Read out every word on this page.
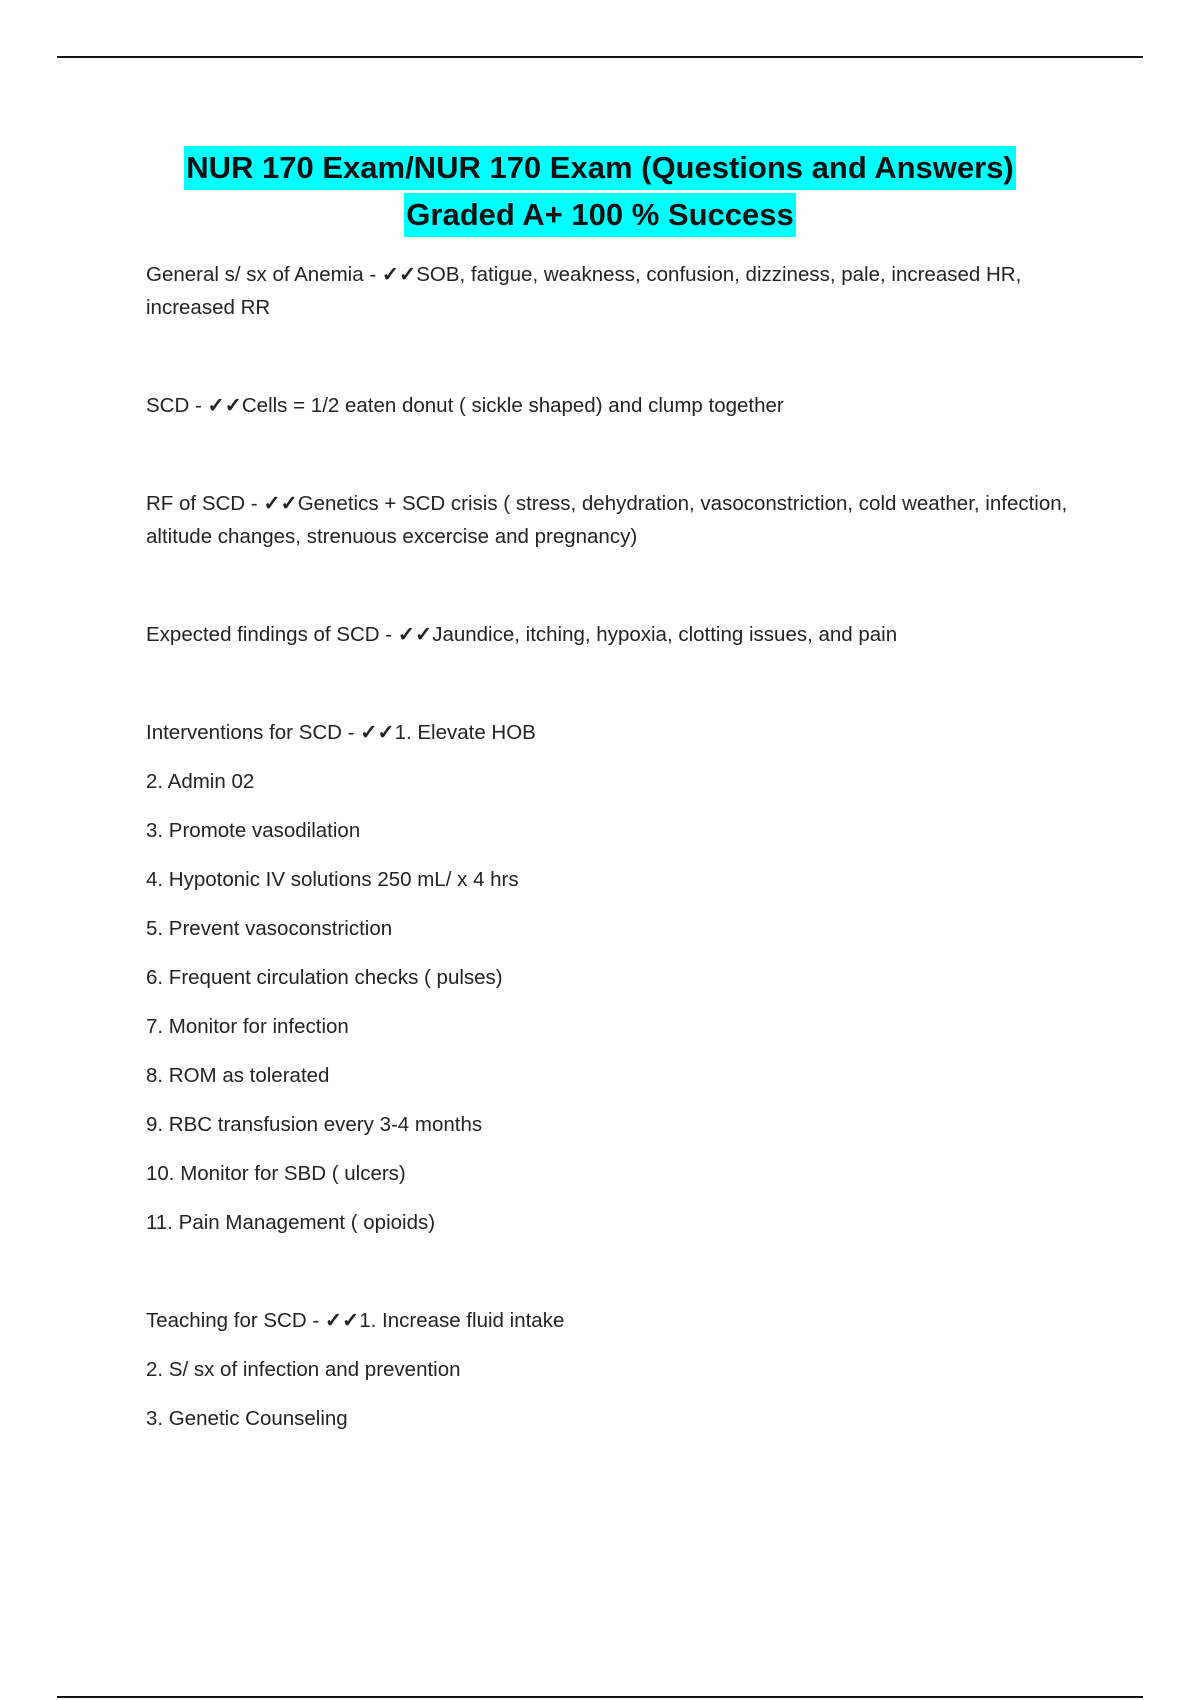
NUR 170 Exam/NUR 170 Exam (Questions and Answers)
Graded A+ 100 % Success

General s/ sx of Anemia - ✓✓SOB, fatigue, weakness, confusion, dizziness, pale, increased HR, increased RR

SCD - ✓✓Cells = 1/2 eaten donut ( sickle shaped) and clump together

RF of SCD - ✓✓Genetics + SCD crisis ( stress, dehydration, vasoconstriction, cold weather, infection, altitude changes, strenuous excercise and pregnancy)

Expected findings of SCD - ✓✓Jaundice, itching, hypoxia, clotting issues, and pain

Interventions for SCD - ✓✓1. Elevate HOB

2. Admin 02

3. Promote vasodilation

4. Hypotonic IV solutions 250 mL/ x 4 hrs

5. Prevent vasoconstriction

6. Frequent circulation checks ( pulses)

7. Monitor for infection

8. ROM as tolerated

9. RBC transfusion every 3-4 months

10. Monitor for SBD ( ulcers)

11. Pain Management ( opioids)

Teaching for SCD - ✓✓1. Increase fluid intake

2. S/ sx of infection and prevention

3. Genetic Counseling
